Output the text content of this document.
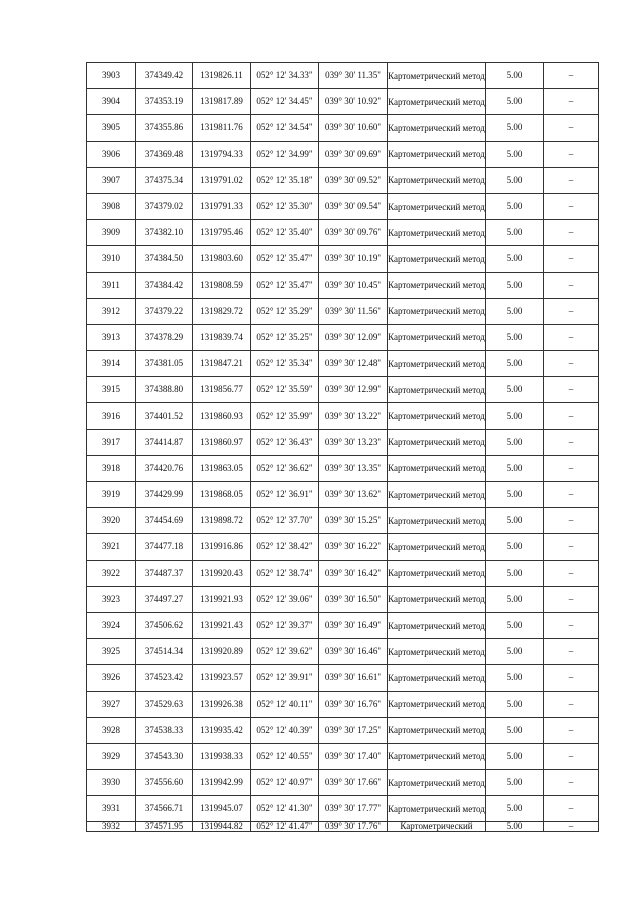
3903	374349.42	1319826.11	052° 12' 34.33"	039° 30' 11.35"	Картометрический метод	5.00	–
3904	374353.19	1319817.89	052° 12' 34.45"	039° 30' 10.92"	Картометрический метод	5.00	–
3905	374355.86	1319811.76	052° 12' 34.54"	039° 30' 10.60"	Картометрический метод	5.00	–
3906	374369.48	1319794.33	052° 12' 34.99"	039° 30' 09.69"	Картометрический метод	5.00	–
3907	374375.34	1319791.02	052° 12' 35.18"	039° 30' 09.52"	Картометрический метод	5.00	–
3908	374379.02	1319791.33	052° 12' 35.30"	039° 30' 09.54"	Картометрический метод	5.00	–
3909	374382.10	1319795.46	052° 12' 35.40"	039° 30' 09.76"	Картометрический метод	5.00	–
3910	374384.50	1319803.60	052° 12' 35.47"	039° 30' 10.19"	Картометрический метод	5.00	–
3911	374384.42	1319808.59	052° 12' 35.47"	039° 30' 10.45"	Картометрический метод	5.00	–
3912	374379.22	1319829.72	052° 12' 35.29"	039° 30' 11.56"	Картометрический метод	5.00	–
3913	374378.29	1319839.74	052° 12' 35.25"	039° 30' 12.09"	Картометрический метод	5.00	–
3914	374381.05	1319847.21	052° 12' 35.34"	039° 30' 12.48"	Картометрический метод	5.00	–
3915	374388.80	1319856.77	052° 12' 35.59"	039° 30' 12.99"	Картометрический метод	5.00	–
3916	374401.52	1319860.93	052° 12' 35.99"	039° 30' 13.22"	Картометрический метод	5.00	–
3917	374414.87	1319860.97	052° 12' 36.43"	039° 30' 13.23"	Картометрический метод	5.00	–
3918	374420.76	1319863.05	052° 12' 36.62"	039° 30' 13.35"	Картометрический метод	5.00	–
3919	374429.99	1319868.05	052° 12' 36.91"	039° 30' 13.62"	Картометрический метод	5.00	–
3920	374454.69	1319898.72	052° 12' 37.70"	039° 30' 15.25"	Картометрический метод	5.00	–
3921	374477.18	1319916.86	052° 12' 38.42"	039° 30' 16.22"	Картометрический метод	5.00	–
3922	374487.37	1319920.43	052° 12' 38.74"	039° 30' 16.42"	Картометрический метод	5.00	–
3923	374497.27	1319921.93	052° 12' 39.06"	039° 30' 16.50"	Картометрический метод	5.00	–
3924	374506.62	1319921.43	052° 12' 39.37"	039° 30' 16.49"	Картометрический метод	5.00	–
3925	374514.34	1319920.89	052° 12' 39.62"	039° 30' 16.46"	Картометрический метод	5.00	–
3926	374523.42	1319923.57	052° 12' 39.91"	039° 30' 16.61"	Картометрический метод	5.00	–
3927	374529.63	1319926.38	052° 12' 40.11"	039° 30' 16.76"	Картометрический метод	5.00	–
3928	374538.33	1319935.42	052° 12' 40.39"	039° 30' 17.25"	Картометрический метод	5.00	–
3929	374543.30	1319938.33	052° 12' 40.55"	039° 30' 17.40"	Картометрический метод	5.00	–
3930	374556.60	1319942.99	052° 12' 40.97"	039° 30' 17.66"	Картометрический метод	5.00	–
3931	374566.71	1319945.07	052° 12' 41.30"	039° 30' 17.77"	Картометрический метод	5.00	–
3932	374571.95	1319944.82	052° 12' 41.47"	039° 30' 17.76"	Картометрический	5.00	–
